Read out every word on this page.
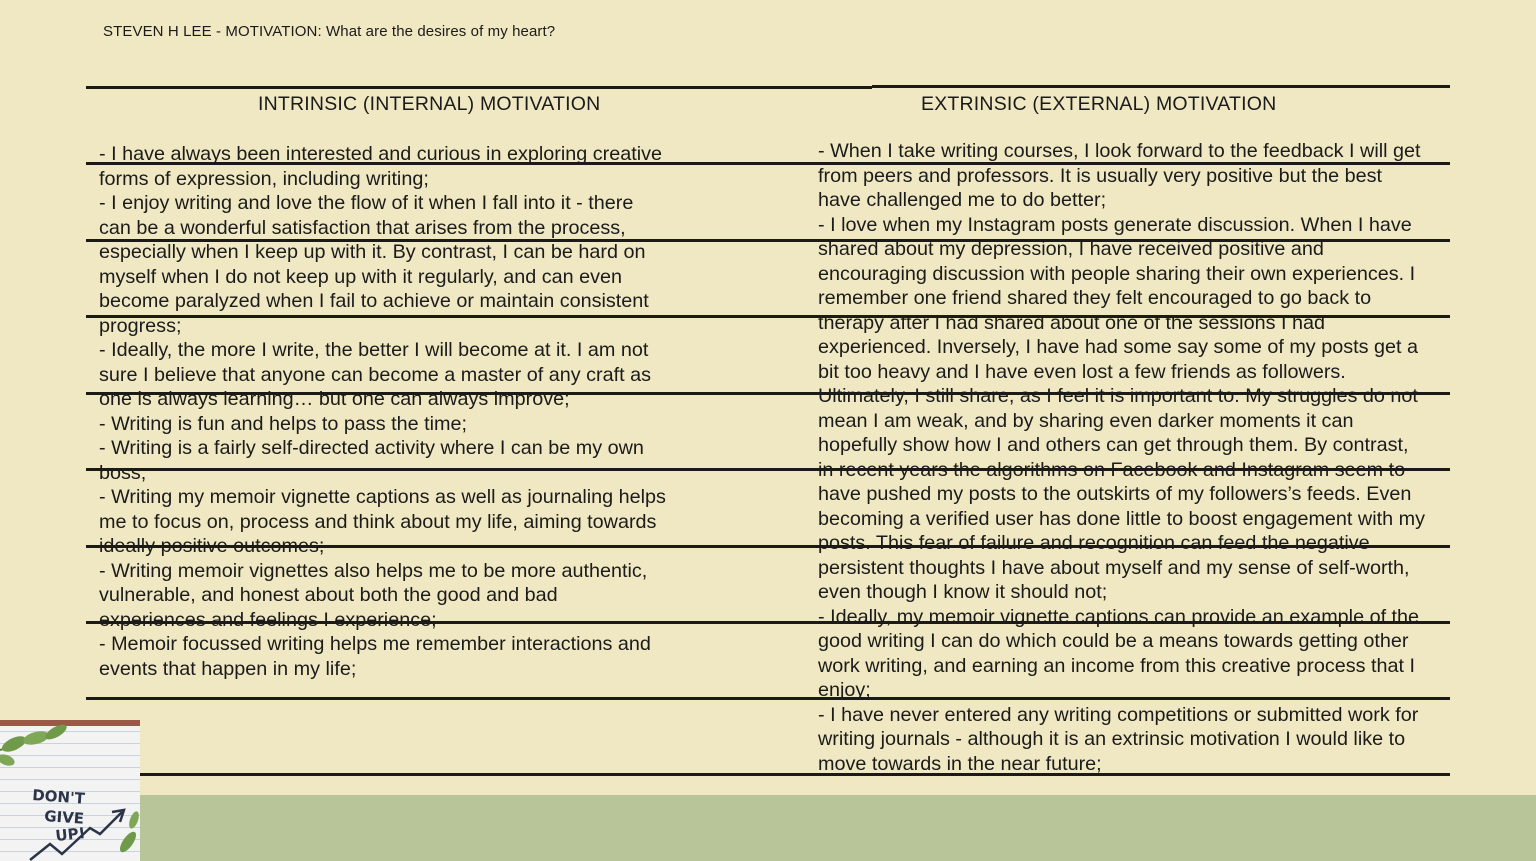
STEVEN H LEE - MOTIVATION: What are the desires of my heart?
INTRINSIC (INTERNAL) MOTIVATION	EXTRINSIC (EXTERNAL) MOTIVATION
- I have always been interested and curious in exploring creative
forms of expression, including writing;
- I enjoy writing and love the flow of it when I fall into it - there
can be a wonderful satisfaction that arises from the process,
especially when I keep up with it. By contrast, I can be hard on
myself when I do not keep up with it regularly, and can even
become paralyzed when I fail to achieve or maintain consistent
progress;
- Ideally, the more I write, the better I will become at it. I am not
sure I believe that anyone can become a master of any craft as
one is always learning… but one can always improve;
- Writing is fun and helps to pass the time;
- Writing is a fairly self-directed activity where I can be my own
boss;
- Writing my memoir vignette captions as well as journaling helps
me to focus on, process and think about my life, aiming towards
ideally positive outcomes;
- Writing memoir vignettes also helps me to be more authentic,
vulnerable, and honest about both the good and bad
experiences and feelings I experience;
- Memoir focussed writing helps me remember interactions and
events that happen in my life;
- When I take writing courses, I look forward to the feedback I will get
from peers and professors. It is usually very positive but the best
have challenged me to do better;
- I love when my Instagram posts generate discussion. When I have
shared about my depression, I have received positive and
encouraging discussion with people sharing their own experiences. I
remember one friend shared they felt encouraged to go back to
therapy after I had shared about one of the sessions I had
experienced. Inversely, I have had some say some of my posts get a
bit too heavy and I have even lost a few friends as followers.
Ultimately, I still share, as I feel it is important to. My struggles do not
mean I am weak, and by sharing even darker moments it can
hopefully show how I and others can get through them. By contrast,
in recent years the algorithms on Facebook and Instagram seem to
have pushed my posts to the outskirts of my followers’s feeds. Even
becoming a verified user has done little to boost engagement with my
posts. This fear of failure and recognition can feed the negative
persistent thoughts I have about myself and my sense of self-worth,
even though I know it should not;
- Ideally, my memoir vignette captions can provide an example of the
good writing I can do which could be a means towards getting other
work writing, and earning an income from this creative process that I
enjoy;
- I have never entered any writing competitions or submitted work for
writing journals - although it is an extrinsic motivation I would like to
move towards in the near future;
DON'T
GIVE
UP!
